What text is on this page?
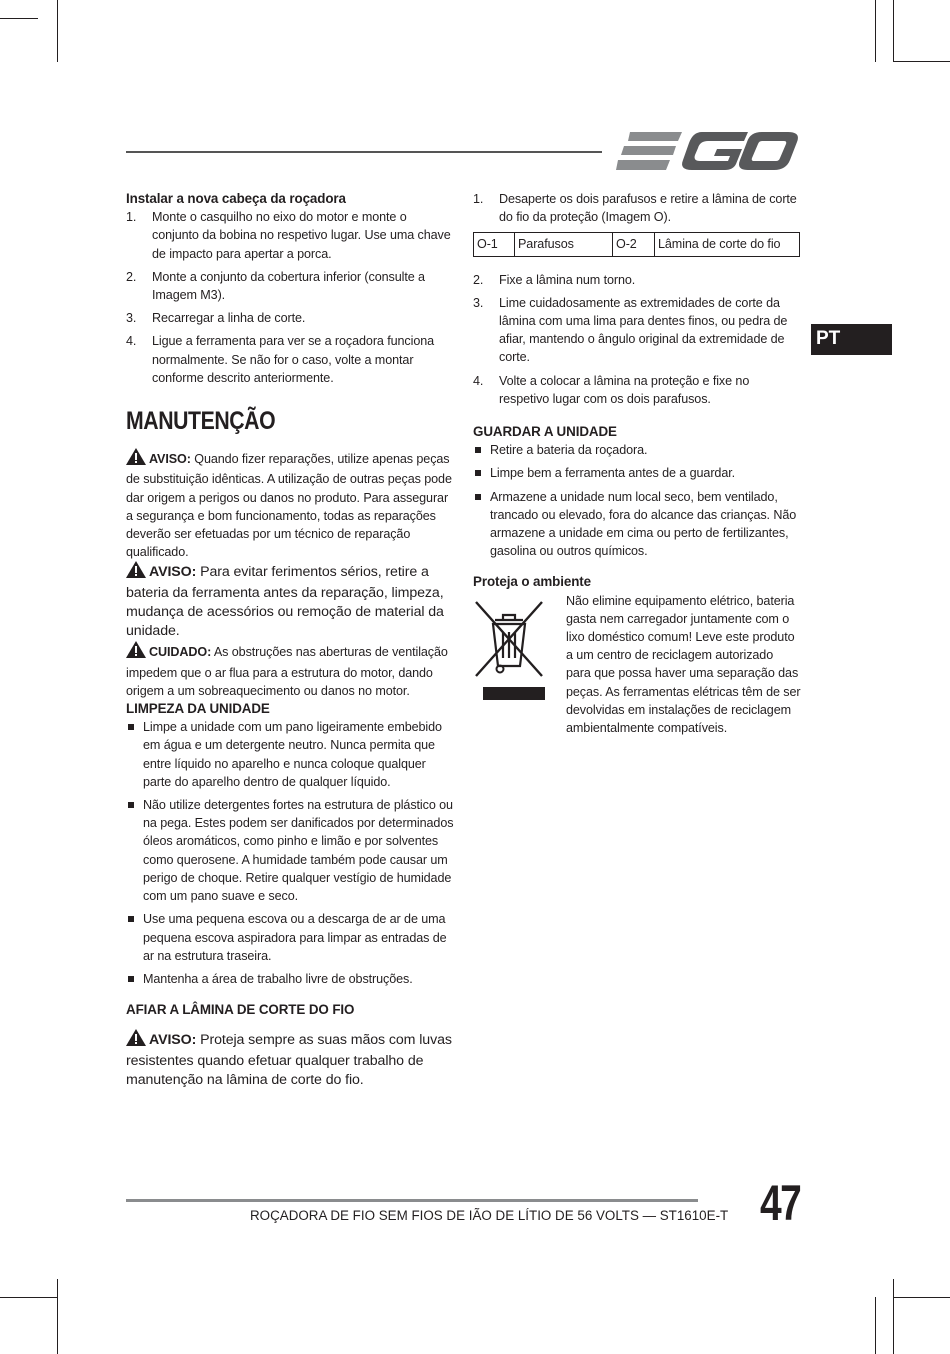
PT

Instalar a nova cabeça da roçadora

1. Monte o casquilho no eixo do motor e monte o conjunto da bobina no respetivo lugar. Use uma chave de impacto para apertar a porca.
2. Monte a conjunto da cobertura inferior (consulte a Imagem M3).
3. Recarregar a linha de corte.
4. Ligue a ferramenta para ver se a roçadora funciona normalmente. Se não for o caso, volte a montar conforme descrito anteriormente.
MANUTENÇÃO

AVISO: Quando fizer reparações, utilize apenas peças de substituição idênticas. A utilização de outras peças pode dar origem a perigos ou danos no produto. Para assegurar a segurança e bom funcionamento, todas as reparações deverão ser efetuadas por um técnico de reparação qualificado.

AVISO: Para evitar ferimentos sérios, retire a bateria da ferramenta antes da reparação, limpeza, mudança de acessórios ou remoção de material da unidade.

CUIDADO: As obstruções nas aberturas de ventilação impedem que o ar flua para a estrutura do motor, dando origem a um sobreaquecimento ou danos no motor.

LIMPEZA DA UNIDADE

Limpe a unidade com um pano ligeiramente embebido em água e um detergente neutro. Nunca permita que entre líquido no aparelho e nunca coloque qualquer parte do aparelho dentro de qualquer líquido.
Não utilize detergentes fortes na estrutura de plástico ou na pega. Estes podem ser danificados por determinados óleos aromáticos, como pinho e limão e por solventes como querosene. A humidade também pode causar um perigo de choque. Retire qualquer vestígio de humidade com um pano suave e seco.
Use uma pequena escova ou a descarga de ar de uma pequena escova aspiradora para limpar as entradas de ar na estrutura traseira.
Mantenha a área de trabalho livre de obstruções.

AFIAR A LÂMINA DE CORTE DO FIO

AVISO: Proteja sempre as suas mãos com luvas resistentes quando efetuar qualquer trabalho de manutenção na lâmina de corte do fio.

1. Desaperte os dois parafusos e retire a lâmina de corte do fio da proteção (Imagem O).
O-1	Parafusos	O-2	Lâmina de corte do fio
2. Fixe a lâmina num torno.
3. Lime cuidadosamente as extremidades de corte da lâmina com uma lima para dentes finos, ou pedra de afiar, mantendo o ângulo original da extremidade de corte.
4. Volte a colocar a lâmina na proteção e fixe no respetivo lugar com os dois parafusos.

GUARDAR A UNIDADE

Retire a bateria da roçadora.
Limpe bem a ferramenta antes de a guardar.
Armazene a unidade num local seco, bem ventilado, trancado ou elevado, fora do alcance das crianças. Não armazene a unidade em cima ou perto de fertilizantes, gasolina ou outros químicos.

Proteja o ambiente

Não elimine equipamento elétrico, bateria gasta nem carregador juntamente com o lixo doméstico comum! Leve este produto a um centro de reciclagem autorizado para que possa haver uma separação das peças. As ferramentas elétricas têm de ser devolvidas em instalações de reciclagem ambientalmente compatíveis.

ROÇADORA DE FIO SEM FIOS DE IÃO DE LÍTIO DE 56 VOLTS — ST1610E-T 47
